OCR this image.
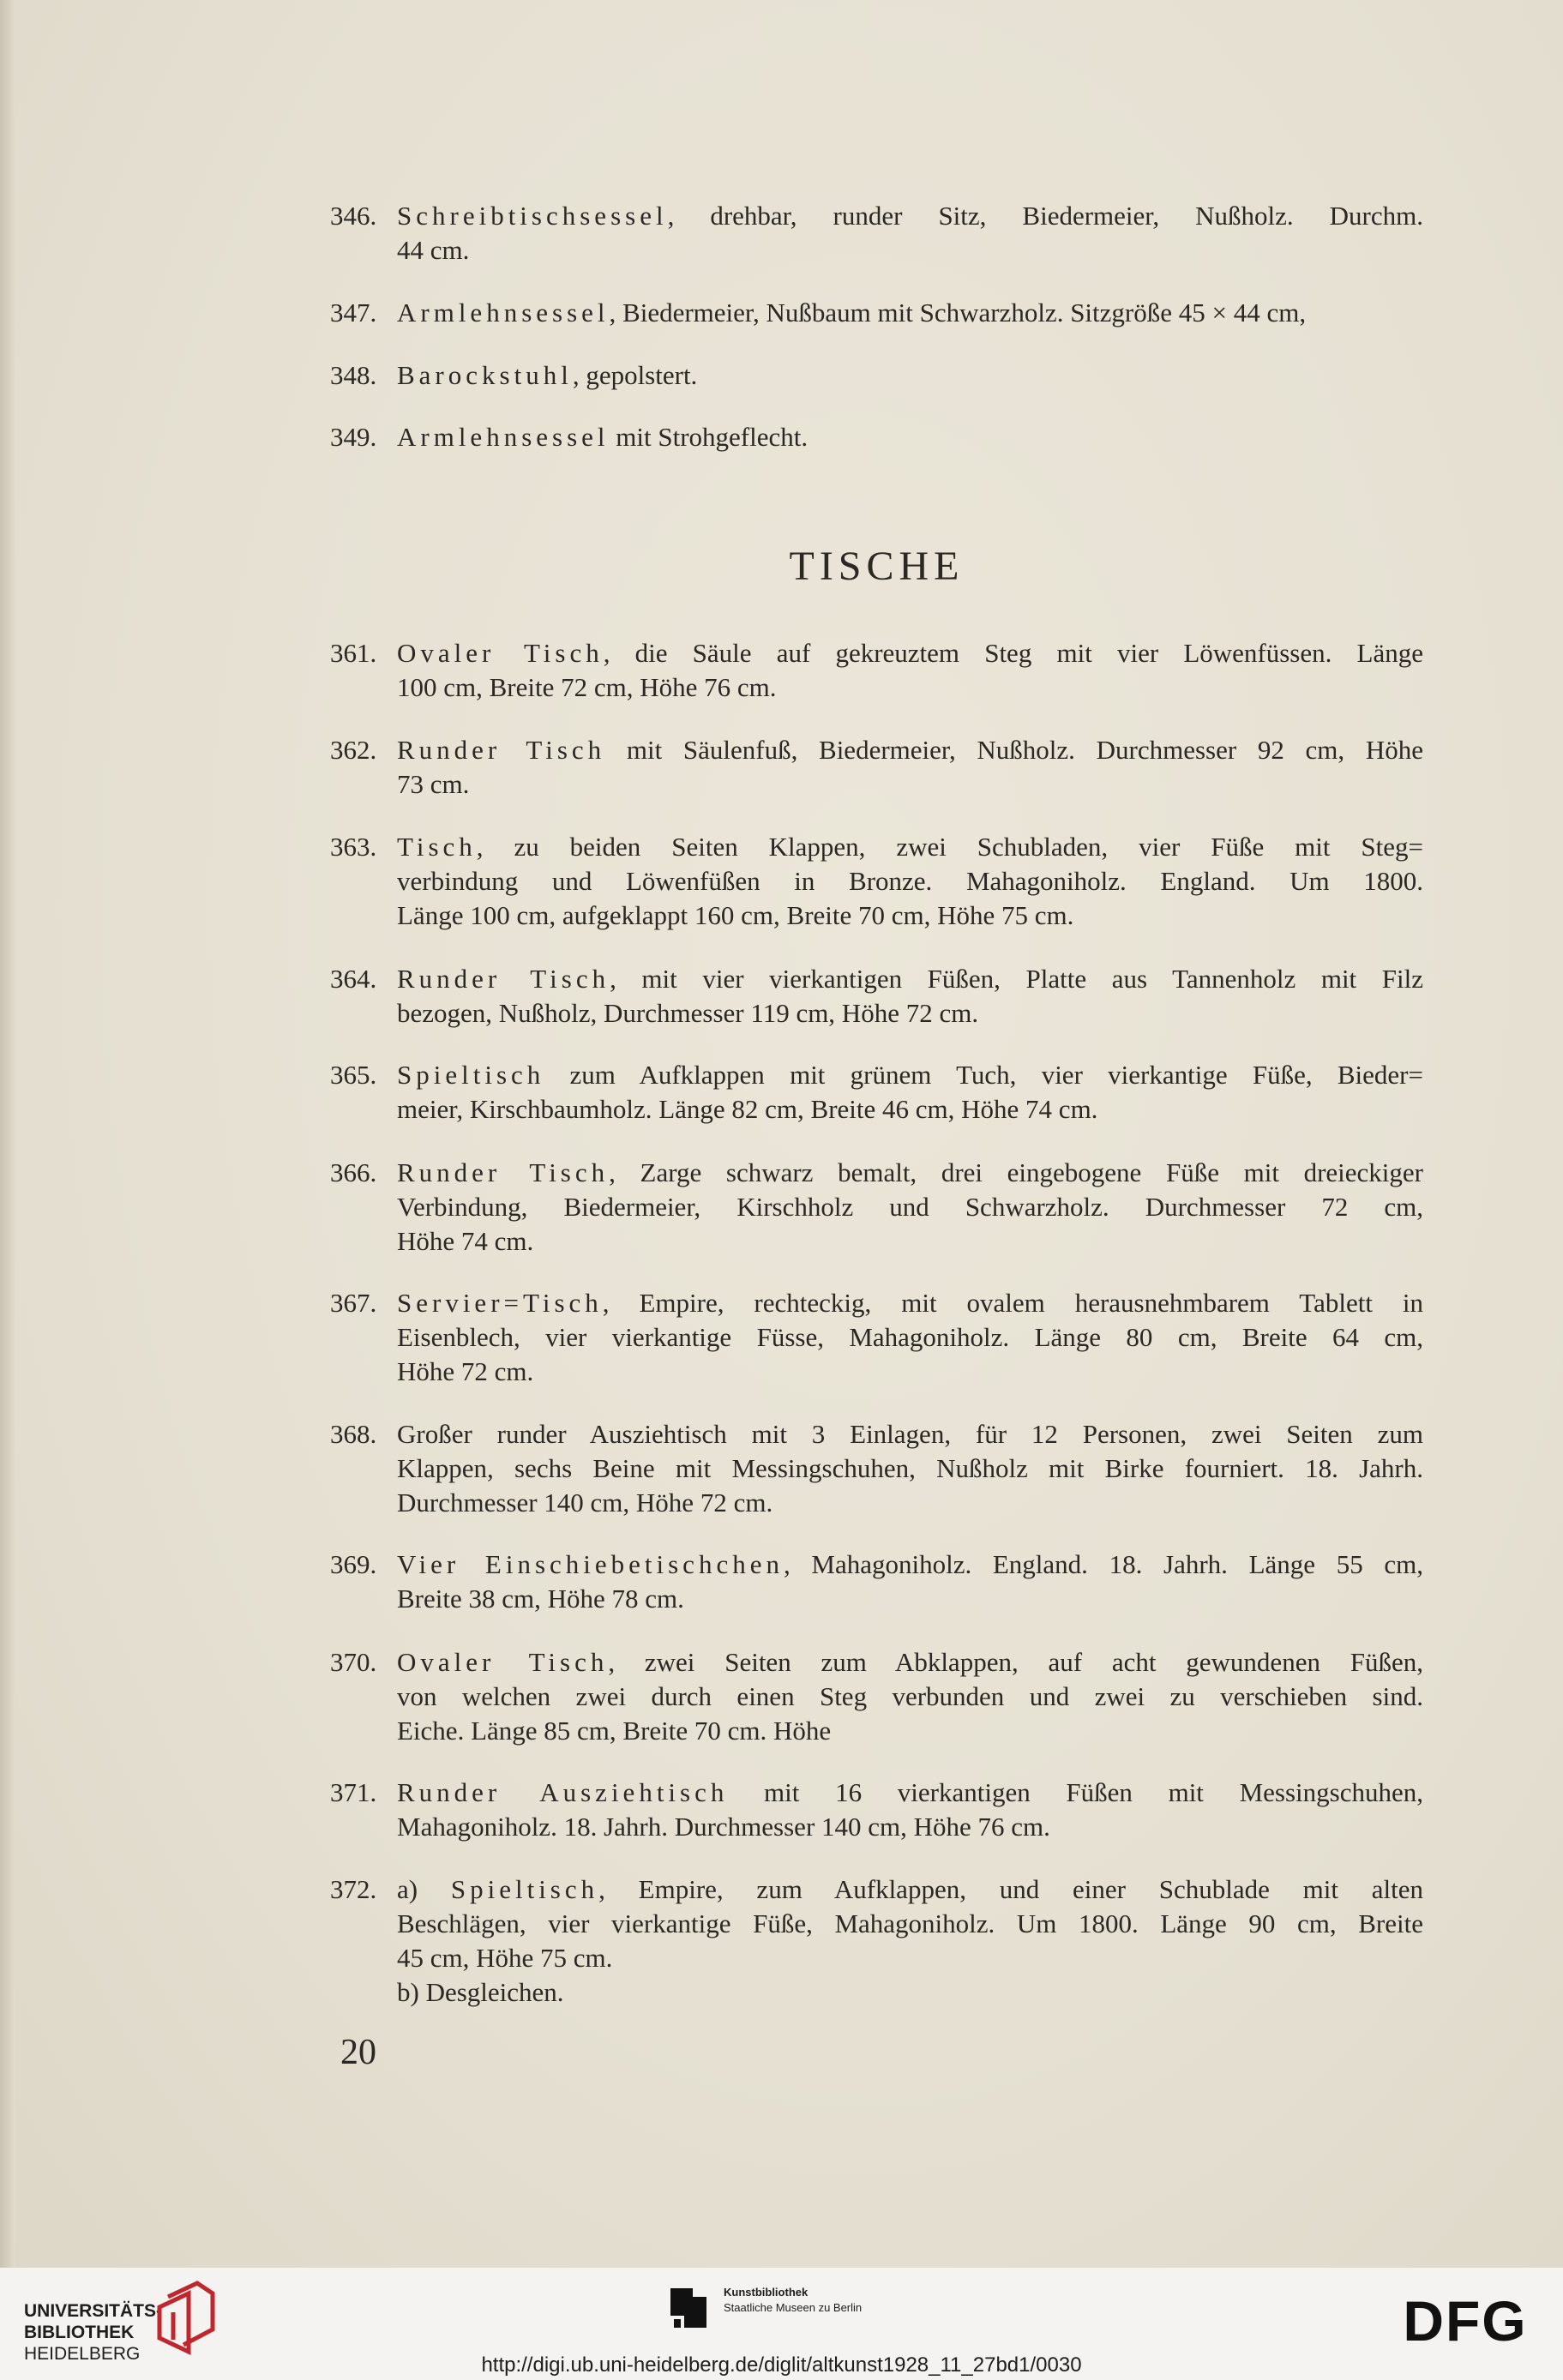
346. Schreibtischsessel, drehbar, runder Sitz, Biedermeier, Nußholz. Durchm.
44 cm.
347. Armlehnsessel, Biedermeier, Nußbaum mit Schwarzholz. Sitzgröße 45 × 44 cm,
348. Barockstuhl, gepolstert.
349. Armlehnsessel mit Strohgeflecht.
TISCHE
361. Ovaler Tisch, die Säule auf gekreuztem Steg mit vier Löwenfüssen. Länge
100 cm, Breite 72 cm, Höhe 76 cm.
362. Runder Tisch mit Säulenfuß, Biedermeier, Nußholz. Durchmesser 92 cm, Höhe
73 cm.
363. Tisch, zu beiden Seiten Klappen, zwei Schubladen, vier Füße mit Steg=
verbindung und Löwenfüßen in Bronze. Mahagoniholz. England. Um 1800.
Länge 100 cm, aufgeklappt 160 cm, Breite 70 cm, Höhe 75 cm.
364. Runder Tisch, mit vier vierkantigen Füßen, Platte aus Tannenholz mit Filz
bezogen, Nußholz, Durchmesser 119 cm, Höhe 72 cm.
365. Spieltisch zum Aufklappen mit grünem Tuch, vier vierkantige Füße, Bieder=
meier, Kirschbaumholz. Länge 82 cm, Breite 46 cm, Höhe 74 cm.
366. Runder Tisch, Zarge schwarz bemalt, drei eingebogene Füße mit dreieckiger
Verbindung, Biedermeier, Kirschholz und Schwarzholz. Durchmesser 72 cm,
Höhe 74 cm.
367. Servier=Tisch, Empire, rechteckig, mit ovalem herausnehmbarem Tablett in
Eisenblech, vier vierkantige Füsse, Mahagoniholz. Länge 80 cm, Breite 64 cm,
Höhe 72 cm.
368. Großer runder Ausziehtisch mit 3 Einlagen, für 12 Personen, zwei Seiten zum
Klappen, sechs Beine mit Messingschuhen, Nußholz mit Birke fourniert. 18. Jahrh.
Durchmesser 140 cm, Höhe 72 cm.
369. Vier Einschiebetischchen, Mahagoniholz. England. 18. Jahrh. Länge 55 cm,
Breite 38 cm, Höhe 78 cm.
370. Ovaler Tisch, zwei Seiten zum Abklappen, auf acht gewundenen Füßen,
von welchen zwei durch einen Steg verbunden und zwei zu verschieben sind.
Eiche. Länge 85 cm, Breite 70 cm. Höhe
371. Runder Ausziehtisch mit 16 vierkantigen Füßen mit Messingschuhen,
Mahagoniholz. 18. Jahrh. Durchmesser 140 cm, Höhe 76 cm.
372. a) Spieltisch, Empire, zum Aufklappen, und einer Schublade mit alten
Beschlägen, vier vierkantige Füße, Mahagoniholz. Um 1800. Länge 90 cm, Breite
45 cm, Höhe 75 cm.
b) Desgleichen.
20
UNIVERSITÄTS-
BIBLIOTHEK
HEIDELBERG
Kunstbibliothek
Staatliche Museen zu Berlin	DFG
http://digi.ub.uni-heidelberg.de/diglit/altkunst1928_11_27bd1/0030
